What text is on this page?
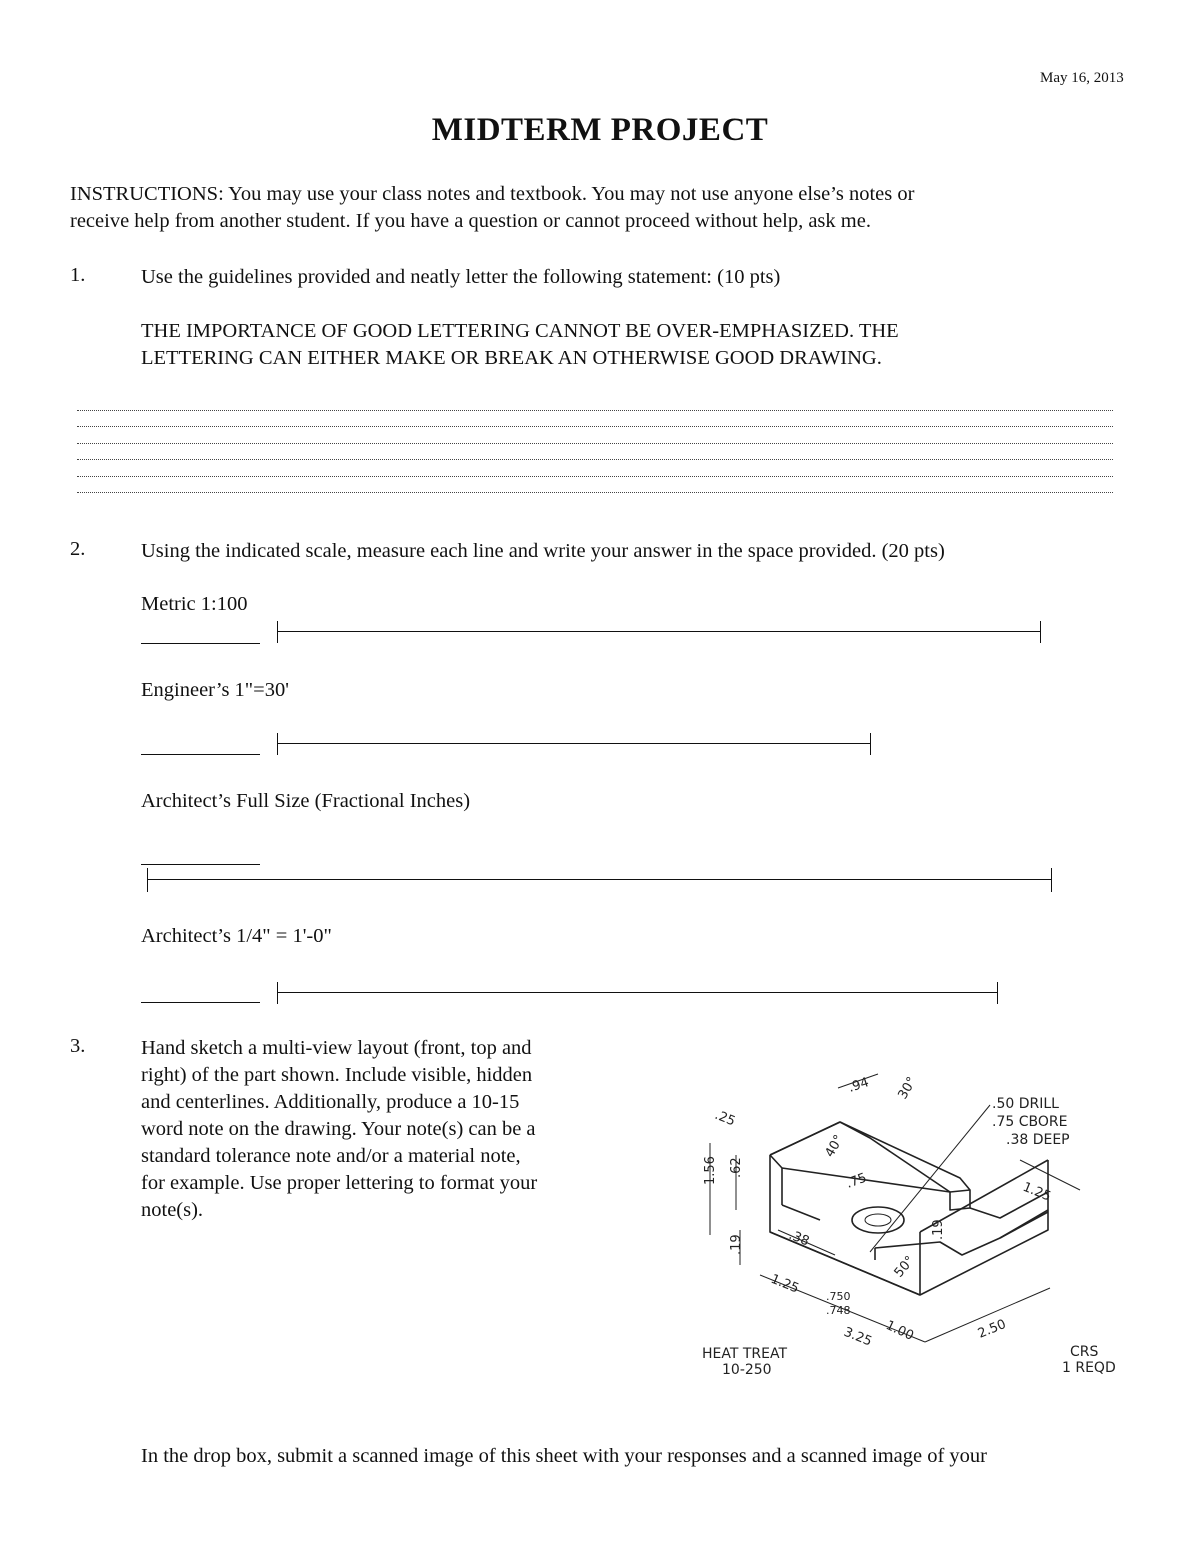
May 16, 2013
MIDTERM PROJECT
INSTRUCTIONS: You may use your class notes and textbook. You may not use anyone else’s notes or
receive help from another student. If you have a question or cannot proceed without help, ask me.
1.	Use the guidelines provided and neatly letter the following statement: (10 pts)
THE IMPORTANCE OF GOOD LETTERING CANNOT BE OVER-EMPHASIZED. THE
LETTERING CAN EITHER MAKE OR BREAK AN OTHERWISE GOOD DRAWING.
2.	Using the indicated scale, measure each line and write your answer in the space provided. (20 pts)
Metric 1:100
Engineer’s 1"=30'
Architect’s Full Size (Fractional Inches)
Architect’s 1/4" = 1'-0"
3.	Hand sketch a multi-view layout (front, top and
right) of the part shown. Include visible, hidden
and centerlines. Additionally, produce a 10-15
word note on the drawing. Your note(s) can be a
standard tolerance note and/or a material note,
for example. Use proper lettering to format your
note(s).
.94 30°
.25
1.56 .62
40°
.75
.38
.19
.19
50°
1.25 .750
.748
1.00
3.25	2.50
1.25
.50 DRILL
.75 CBORE
.38 DEEP
HEAT TREAT
10-250
CRS
1 REQD
In the drop box, submit a scanned image of this sheet with your responses and a scanned image of your
